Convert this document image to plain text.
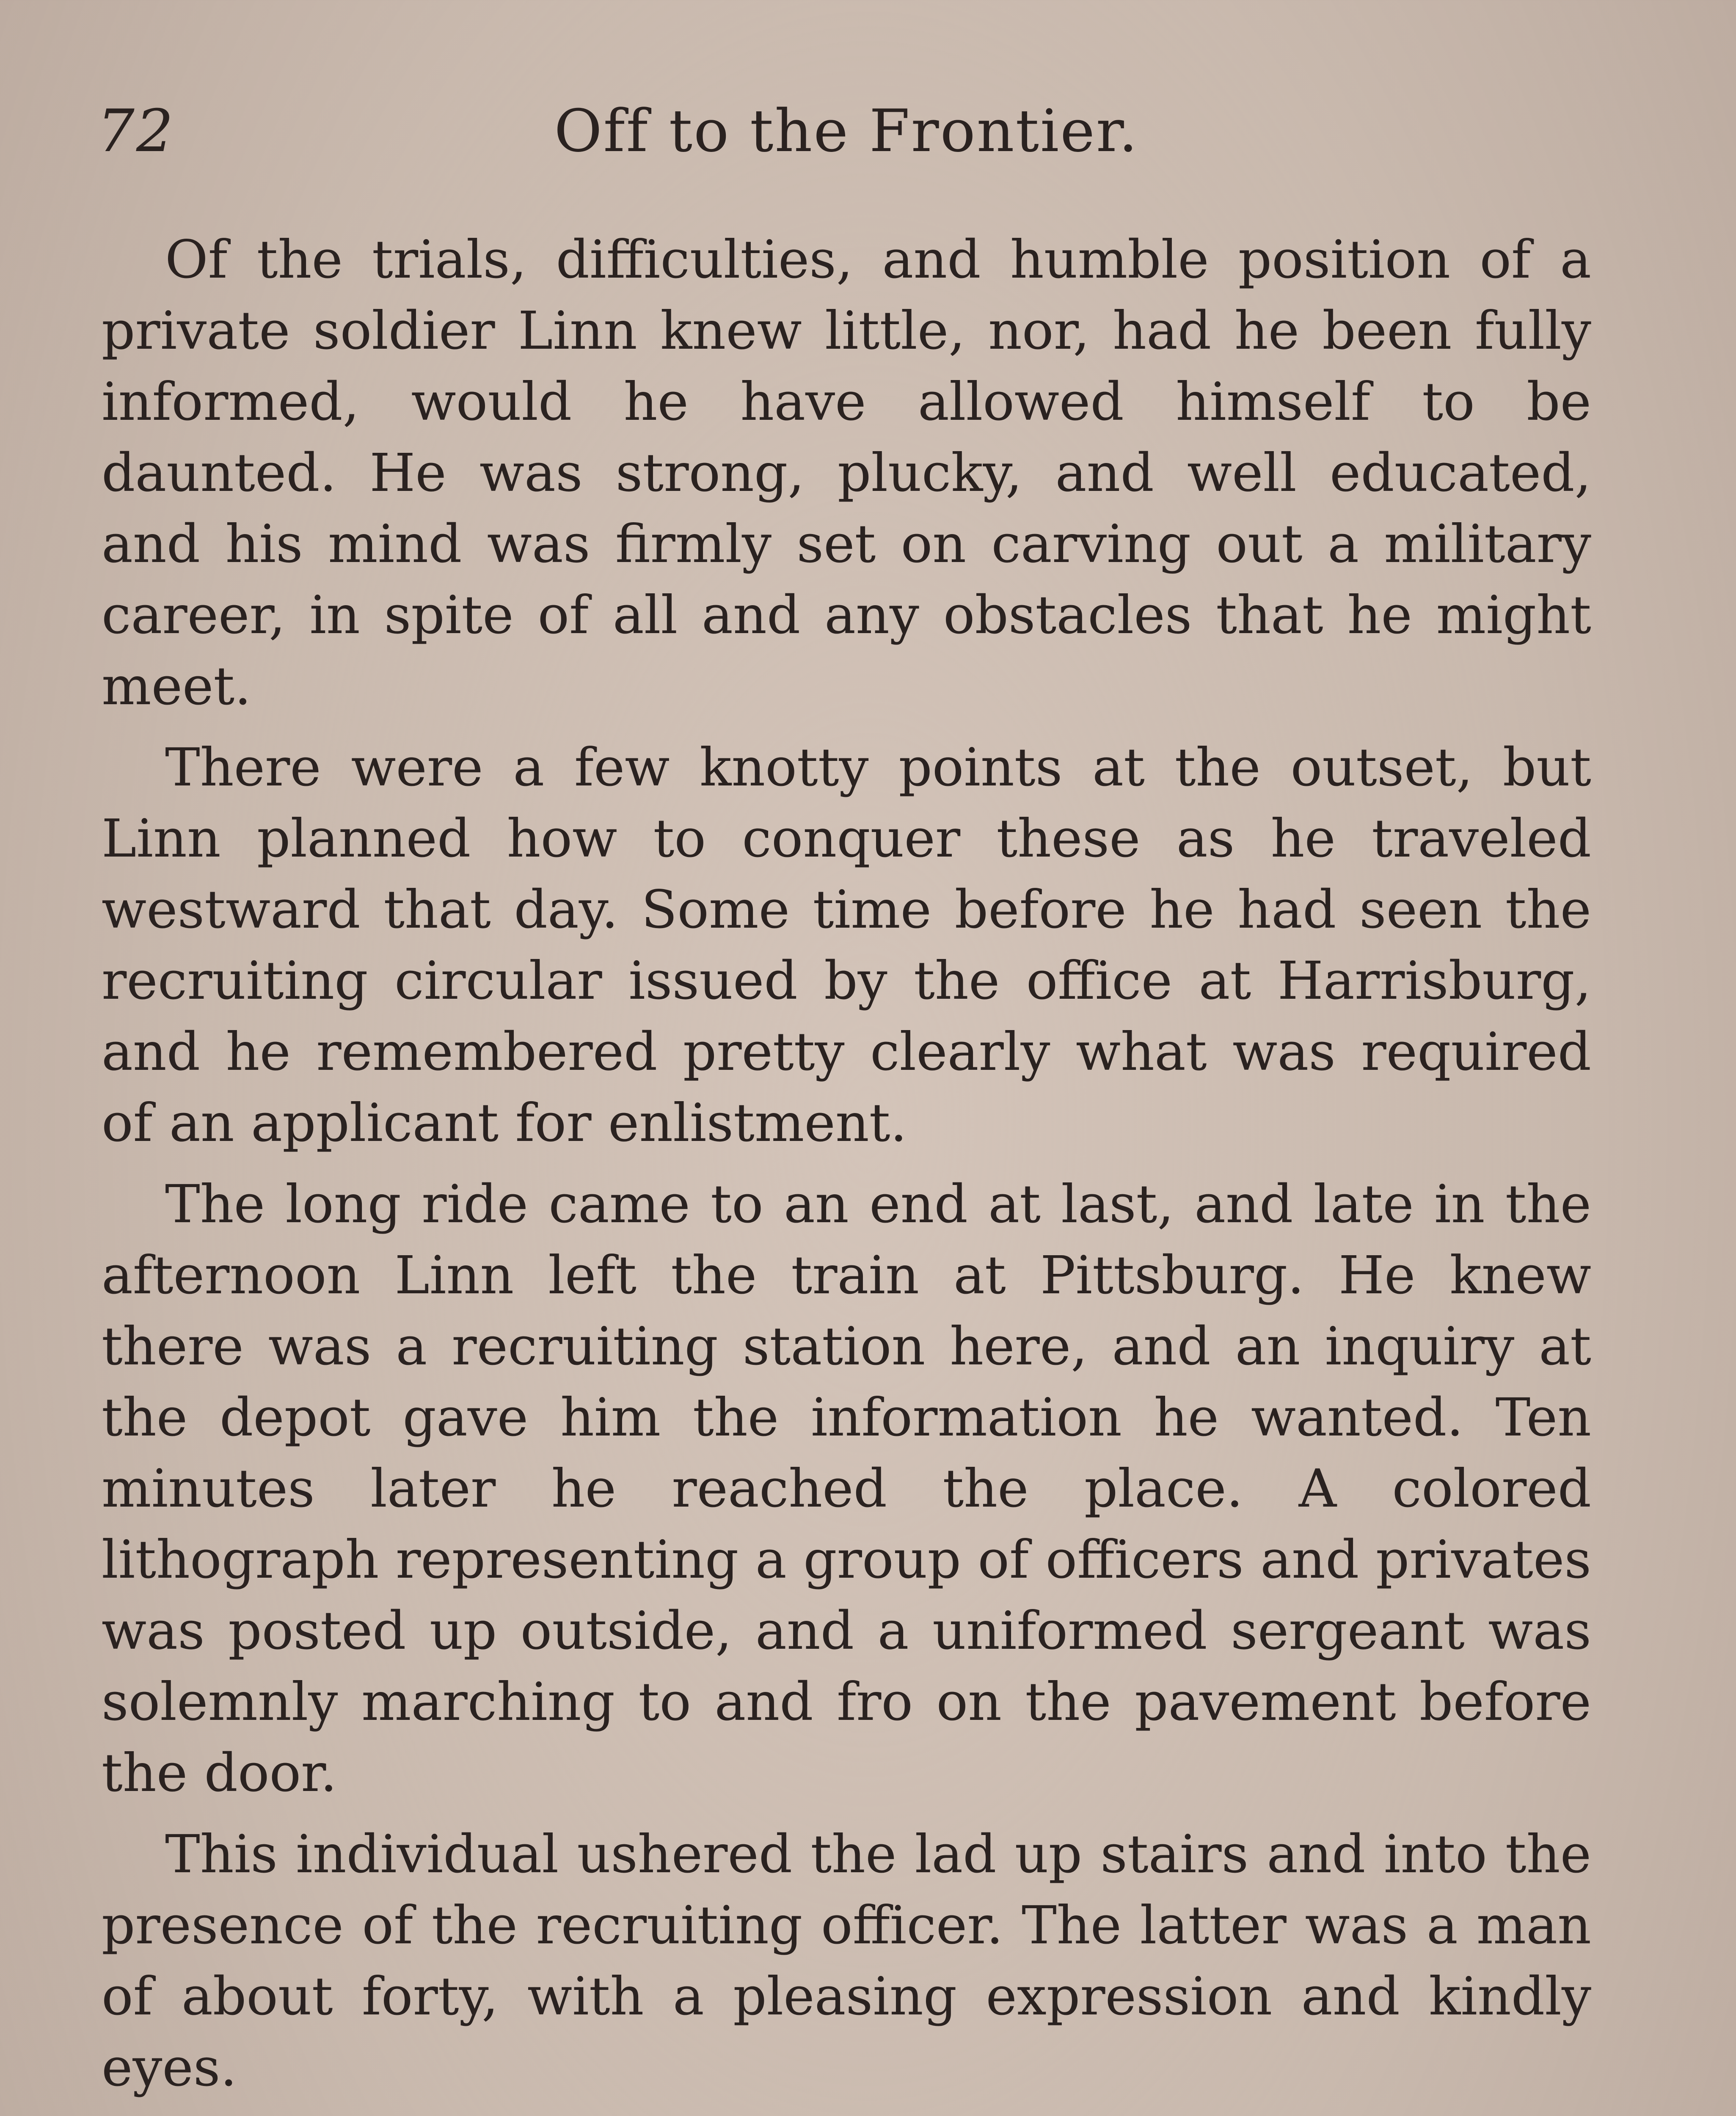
72	Off to the Frontier.

Of the trials, difficulties, and humble position of a private soldier Linn knew little, nor, had he been fully informed, would he have allowed himself to be daunted. He was strong, plucky, and well educated, and his mind was firmly set on carving out a military career, in spite of all and any obstacles that he might meet.

There were a few knotty points at the outset, but Linn planned how to conquer these as he traveled westward that day. Some time before he had seen the recruiting circular issued by the office at Harrisburg, and he remembered pretty clearly what was required of an applicant for enlistment.

The long ride came to an end at last, and late in the afternoon Linn left the train at Pittsburg. He knew there was a recruiting station here, and an inquiry at the depot gave him the information he wanted. Ten minutes later he reached the place. A colored lithograph representing a group of officers and privates was posted up outside, and a uniformed sergeant was solemnly marching to and fro on the pavement before the door.

This individual ushered the lad up stairs and into the presence of the recruiting officer. The latter was a man of about forty, with a pleasing expression and kindly eyes.
